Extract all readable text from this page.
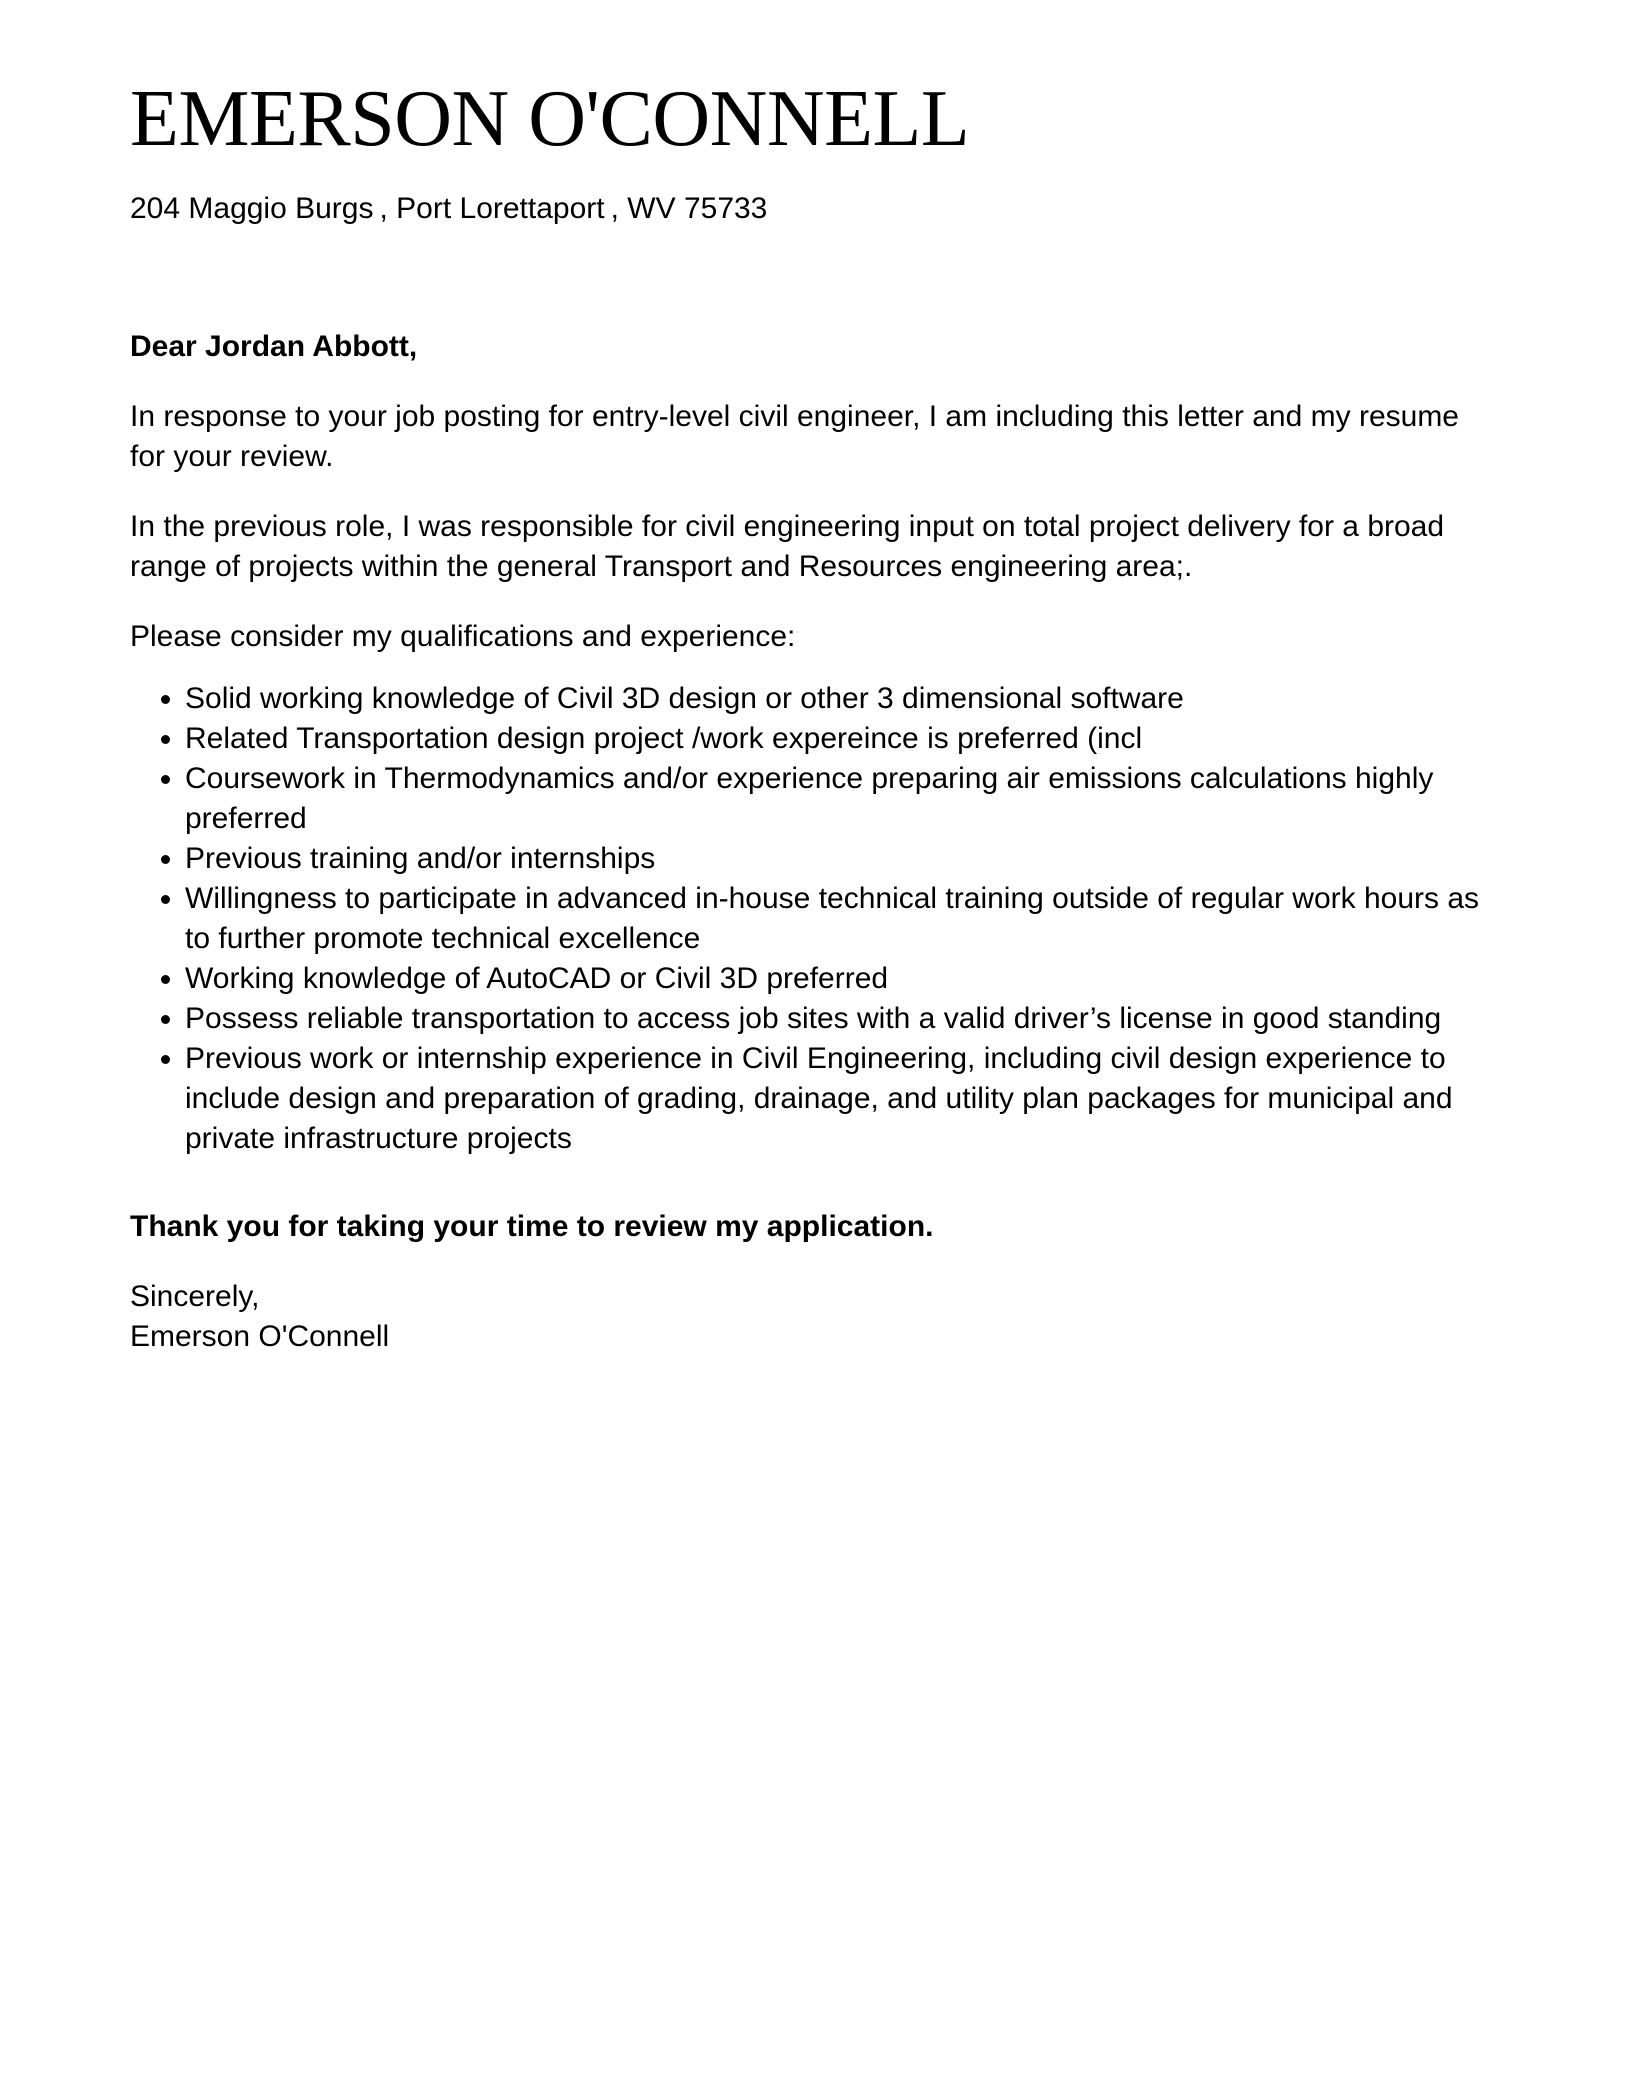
EMERSON O'CONNELL

204 Maggio Burgs , Port Lorettaport , WV 75733

Dear Jordan Abbott,

In response to your job posting for entry-level civil engineer, I am including this letter and my resume for your review.

In the previous role, I was responsible for civil engineering input on total project delivery for a broad range of projects within the general Transport and Resources engineering area;.

Please consider my qualifications and experience:

• Solid working knowledge of Civil 3D design or other 3 dimensional software
• Related Transportation design project /work expereince is preferred (incl
• Coursework in Thermodynamics and/or experience preparing air emissions calculations highly preferred
• Previous training and/or internships
• Willingness to participate in advanced in-house technical training outside of regular work hours as to further promote technical excellence
• Working knowledge of AutoCAD or Civil 3D preferred
• Possess reliable transportation to access job sites with a valid driver’s license in good standing
• Previous work or internship experience in Civil Engineering, including civil design experience to include design and preparation of grading, drainage, and utility plan packages for municipal and private infrastructure projects

Thank you for taking your time to review my application.

Sincerely,

Emerson O'Connell
